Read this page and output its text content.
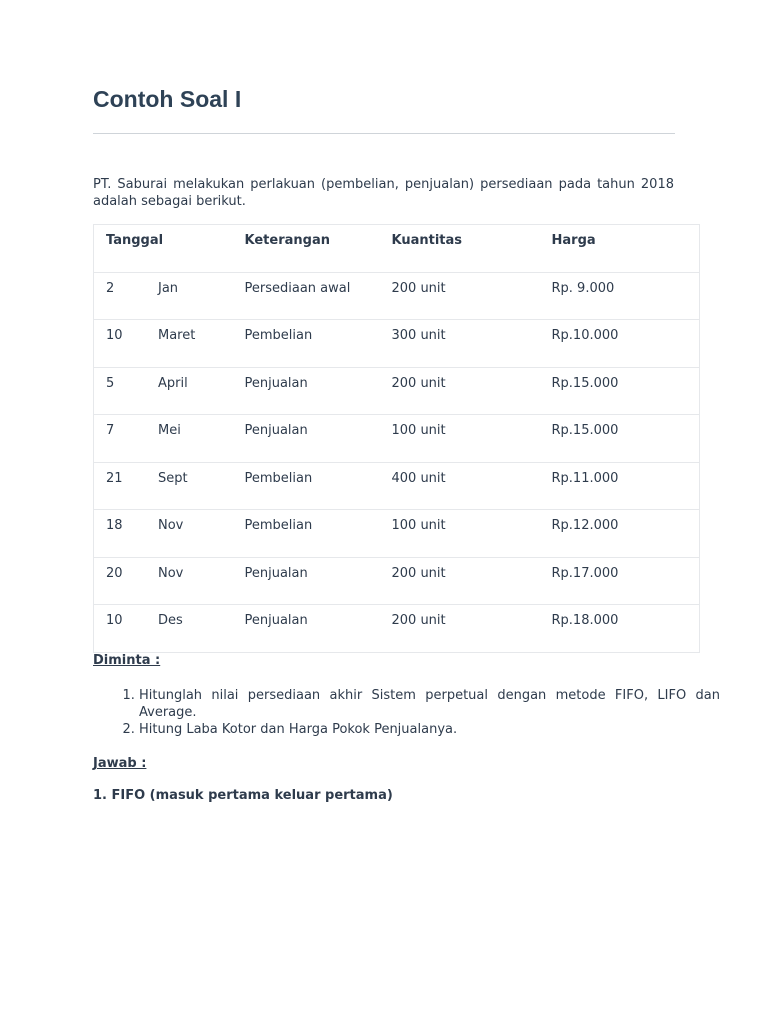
Contoh Soal I

PT. Saburai melakukan perlakuan (pembelian, penjualan) persediaan pada tahun 2018 adalah sebagai berikut.

Tanggal	Keterangan	Kuantitas	Harga

2 Jan	Persediaan awal	200 unit	Rp. 9.000

10 Maret	Pembelian	300 unit	Rp.10.000

5 April	Penjualan	200 unit	Rp.15.000

7 Mei	Penjualan	100 unit	Rp.15.000

21 Sept	Pembelian	400 unit	Rp.11.000

18 Nov	Pembelian	100 unit	Rp.12.000

20 Nov	Penjualan	200 unit	Rp.17.000

10 Des	Penjualan	200 unit	Rp.18.000

Diminta :

1. Hitunglah nilai persediaan akhir Sistem perpetual dengan metode FIFO, LIFO dan Average.
2. Hitung Laba Kotor dan Harga Pokok Penjualanya.

Jawab :

1. FIFO (masuk pertama keluar pertama)
